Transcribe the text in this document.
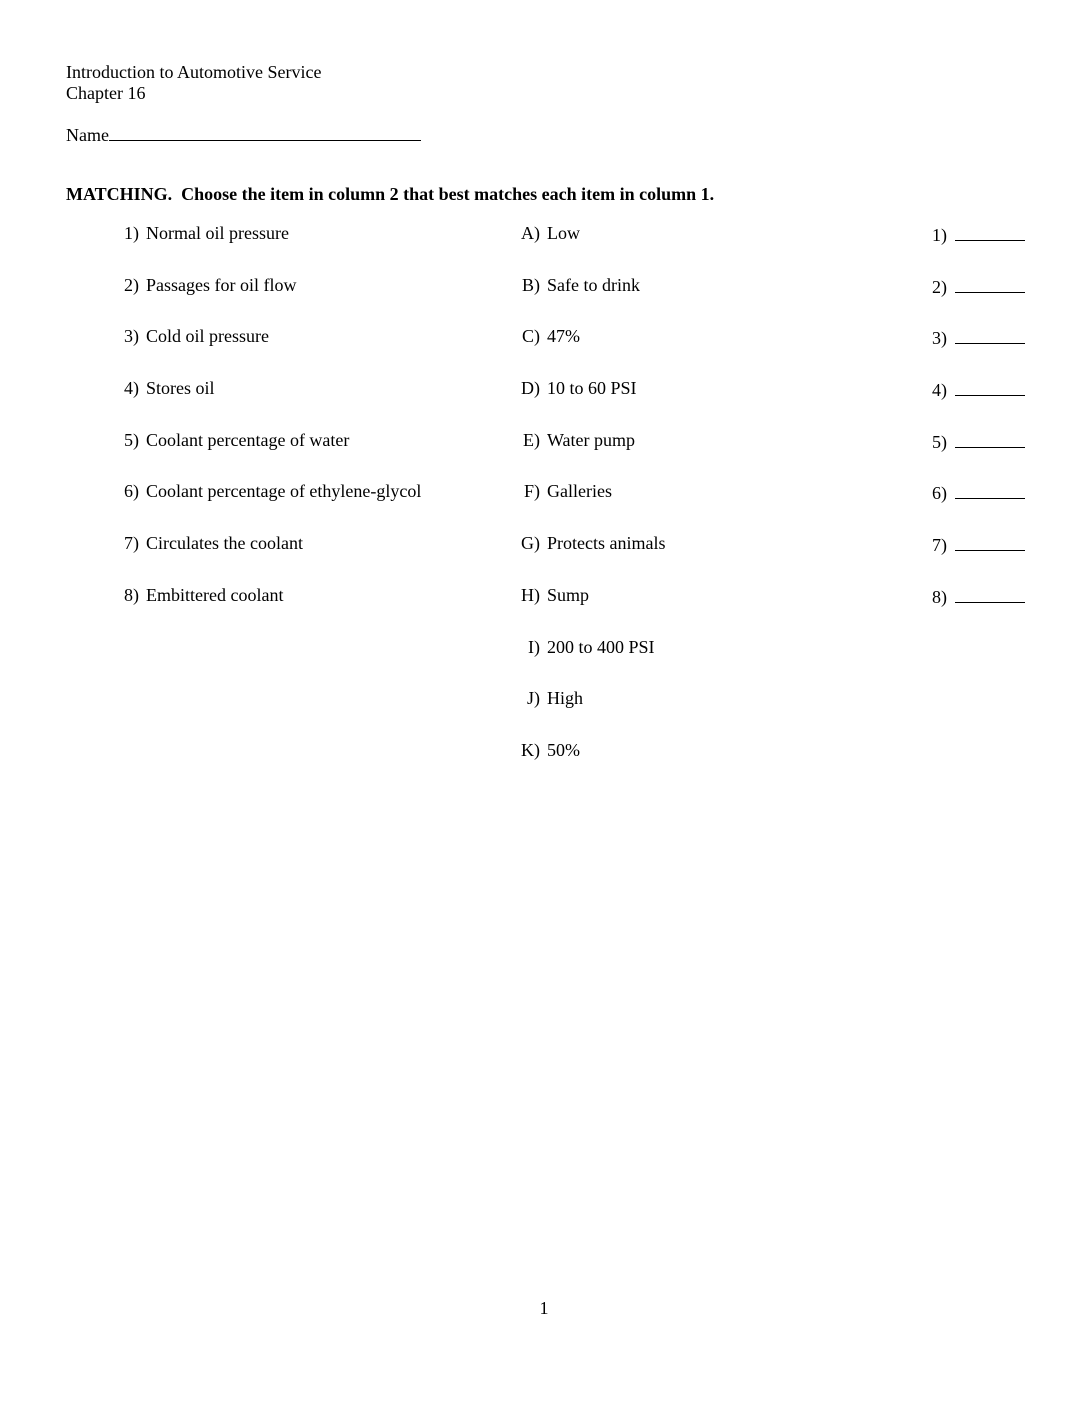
Introduction to Automotive Service
Chapter 16
Name
MATCHING.  Choose the item in column 2 that best matches each item in column 1.
1) Normal oil pressure	A) Low	1)
2) Passages for oil flow	B) Safe to drink	2)
3) Cold oil pressure	C) 47%	3)
4) Stores oil	D) 10 to 60 PSI	4)
5) Coolant percentage of water	E) Water pump	5)
6) Coolant percentage of ethylene-glycol	F) Galleries	6)
7) Circulates the coolant	G) Protects animals	7)
8) Embittered coolant	H) Sump	8)
I) 200 to 400 PSI
J) High
K) 50%
1
